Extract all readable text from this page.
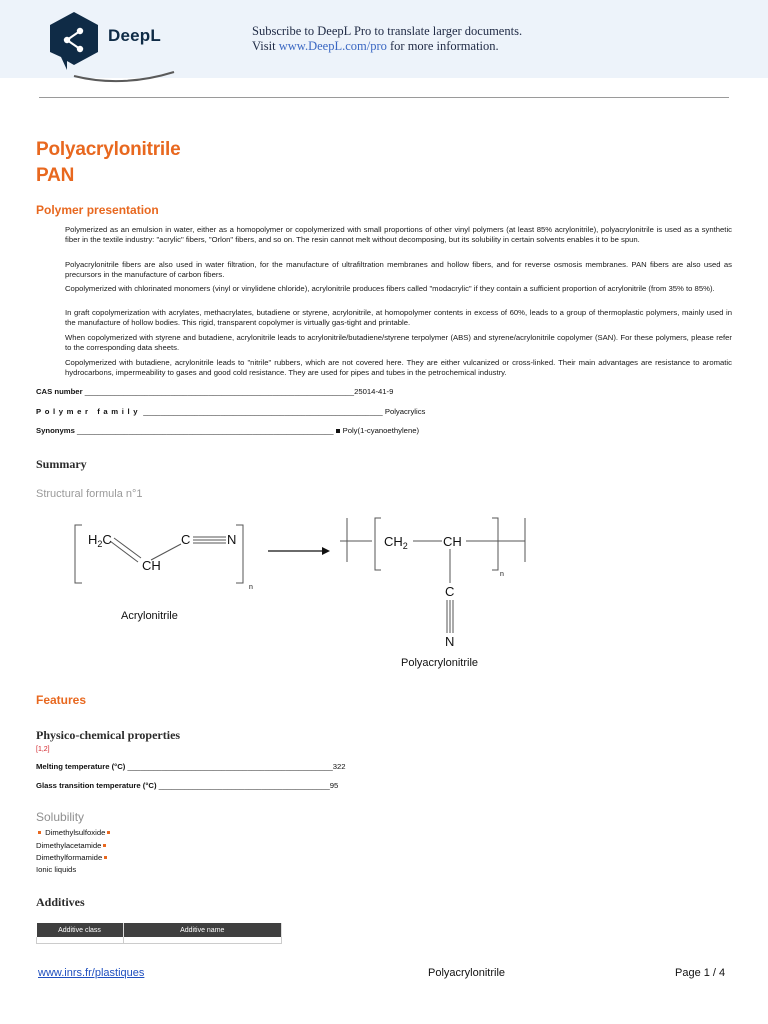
DeepL	Subscribe to DeepL Pro to translate larger documents.
Visit www.DeepL.com/pro for more information.
Polyacrylonitrile
PAN
Polymer presentation

Polymerized as an emulsion in water, either as a homopolymer or copolymerized with small proportions of other vinyl polymers (at least 85% acrylonitrile), polyacrylonitrile is used as a synthetic fiber in the textile industry: "acrylic" fibers, "Orlon" fibers, and so on. The resin cannot melt without decomposing, but its solubility in certain solvents enables it to be spun.

Polyacrylonitrile fibers are also used in water filtration, for the manufacture of ultrafiltration membranes and hollow fibers, and for reverse osmosis membranes. PAN fibers are also used as precursors in the manufacture of carbon fibers.

Copolymerized with chlorinated monomers (vinyl or vinylidene chloride), acrylonitrile produces fibers called "modacrylic" if they contain a sufficient proportion of acrylonitrile (from 35% to 85%).

In graft copolymerization with acrylates, methacrylates, butadiene or styrene, acrylonitrile, at homopolymer contents in excess of 60%, leads to a group of thermoplastic polymers, mainly used in the manufacture of hollow bodies. This rigid, transparent copolymer is virtually gas-tight and printable.

When copolymerized with styrene and butadiene, acrylonitrile leads to acrylonitrile/butadiene/styrene terpolymer (ABS) and styrene/acrylonitrile copolymer (SAN). For these polymers, please refer to the corresponding data sheets.

Copolymerized with butadiene, acrylonitrile leads to "nitrile" rubbers, which are not covered here. They are either vulcanized or cross-linked. Their main advantages are resistance to aromatic hydrocarbons, impermeability to gases and good cold resistance. They are used for pipes and tubes in the petrochemical industry.

CAS number _______________________________________________________________25014-41-9
Polymer family ________________________________________________________ Polyacrylics
Synonyms ____________________________________________________________ Poly(1-cyanoethylene)
Summary
Structural formula n°1
$H_2C$	C	N
CH
n
Acrylonitrile
$CH_2$	CH
C
N
n
Polyacrylonitrile
Features
Physico-chemical properties
[1,2]
Melting temperature (°C) ________________________________________________322
Glass transition temperature (°C) ________________________________________95
Solubility
Dimethylsulfoxide
Dimethylacetamide
Dimethylformamide
Ionic liquids
Additives
Additive class	Additive name

www.inrs.fr/plastiques	Polyacrylonitrile	Page 1 / 4
